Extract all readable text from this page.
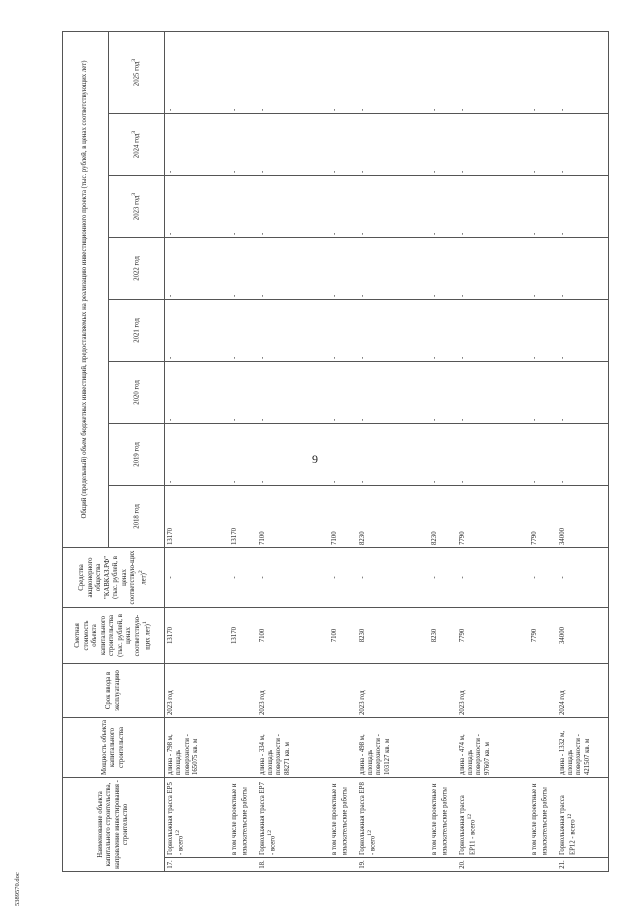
9
5389570.doc
Наименование объекта капитального строительства, направление инвестирования - строительство		Мощность объекта капитального строительства	Срок ввода в эксплуатацию	Сметная стоимость объекта капитального строительства (тыс. рублей, в ценах соответствую-щих лет)$^1$	Средства акционерного общества "КАВКАЗ.РФ" (тыс. рублей, в ценах соответствую-щих лет)$^2$	Общий (предельный) объем бюджетных инвестиций, предоставляемых на реализацию инвестиционного проекта (тыс. рублей, в ценах соответствующих лет)							
						2018 год	2019 год	2020 год	2021 год	2022 год	2023 год$^3$	2024 год$^3$	2025 год$^3$
17.	Горнолыжная трасса ЕР5 - всего$^{12}$	длина - 798 м, площадь поверхности - 165075 кв. м	2023 год	13170	-	13170	-	-	-	-	-	-	-
	в том числе проектные и изыскательские работы			13170	-	13170	-	-	-	-	-	-	-
18.	Горнолыжная трасса ЕР7 - всего$^{12}$	длина - 334 м, площадь поверхности - 88271 кв. м	2023 год	7100	-	7100	-	-	-	-	-	-	-
	в том числе проектные и изыскательские работы			7100	-	7100	-	-	-	-	-	-	-
19.	Горнолыжная трасса ЕР8 - всего$^{12}$	длина - 498 м, площадь поверхности - 103127 кв. м	2023 год	8230	-	8230	-	-	-	-	-	-	-
	в том числе проектные и изыскательские работы			8230	-	8230	-	-	-	-	-	-	-
20.	Горнолыжная трасса ЕР11 - всего$^{12}$	длина - 474 м, площадь поверхности - 97607 кв. м	2023 год	7790	-	7790	-	-	-	-	-	-	-
	в том числе проектные и изыскательские работы			7790	-	7790	-	-	-	-	-	-	-
21.	Горнолыжная трасса ЕР12 - всего$^{12}$	длина - 1332 м, площадь поверхности - 421507 кв. м	2024 год	34000	-	34000	-	-	-	-	-	-	-
